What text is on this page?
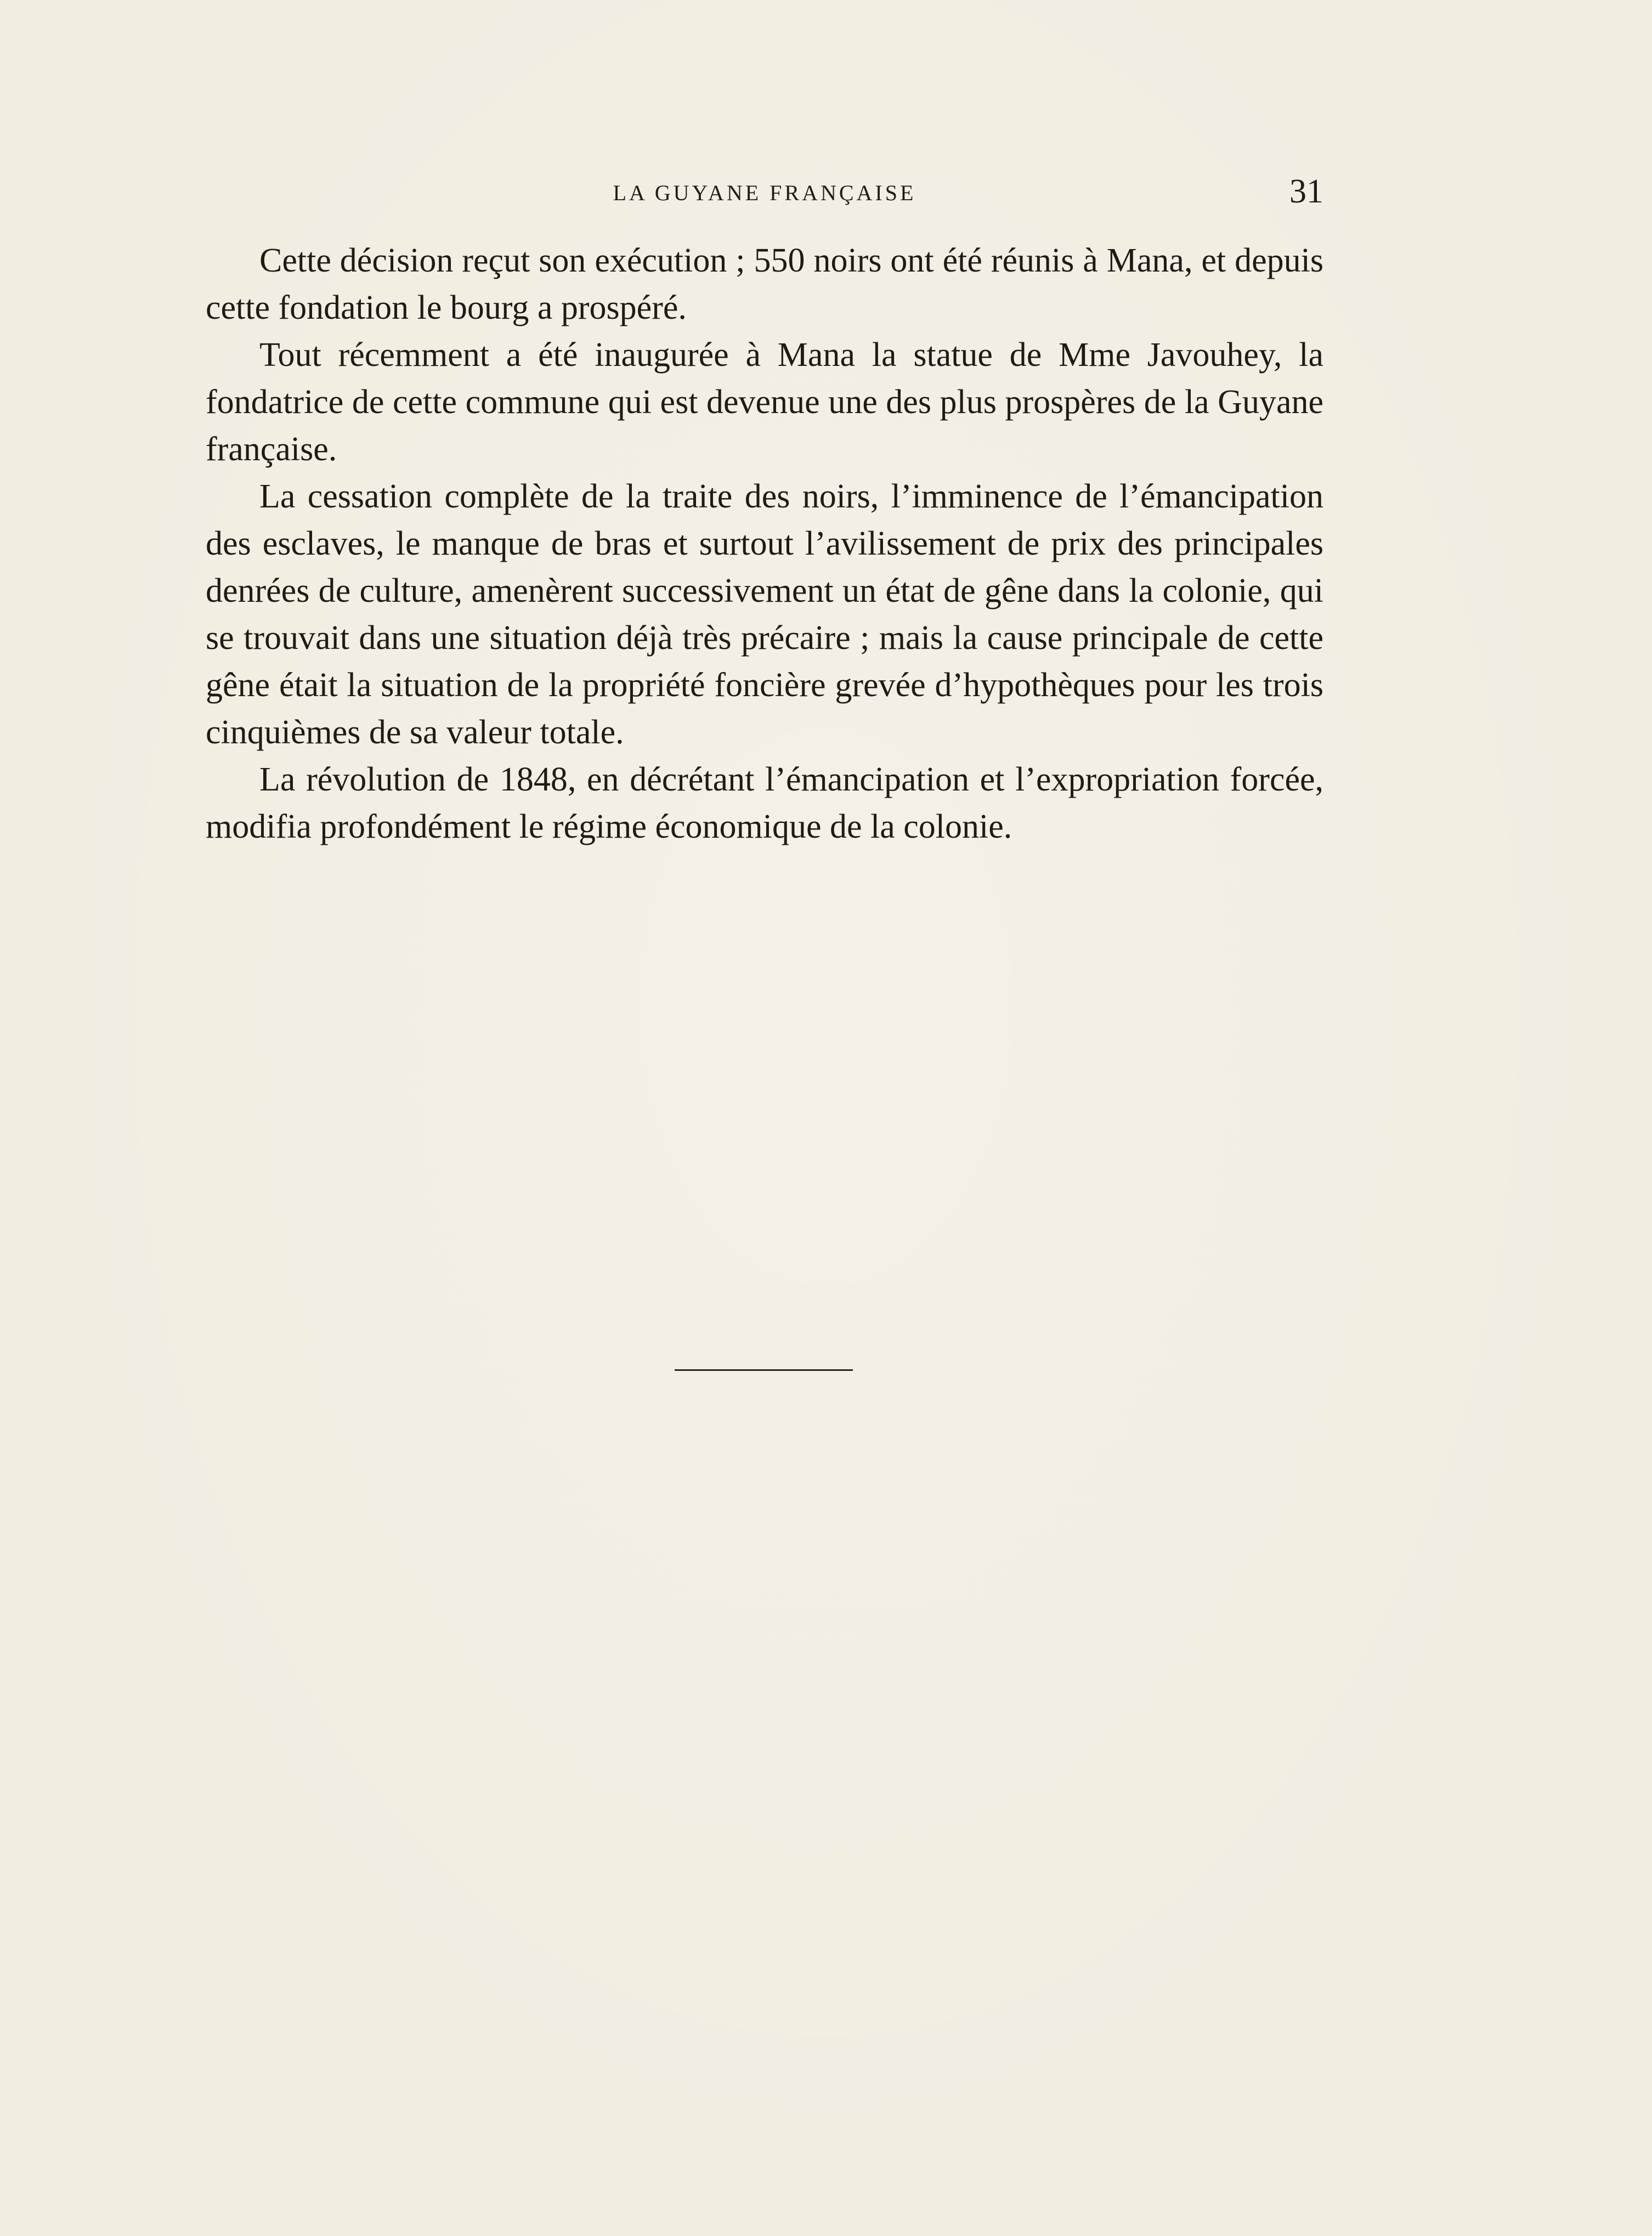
LA GUYANE FRANÇAISE	31

Cette décision reçut son exécution ; 550 noirs ont été réunis à Mana, et depuis cette fondation le bourg a prospéré.

Tout récemment a été inaugurée à Mana la statue de Mme Javouhey, la fondatrice de cette commune qui est devenue une des plus prospères de la Guyane française.

La cessation complète de la traite des noirs, l’imminence de l’émancipation des esclaves, le manque de bras et surtout l’avilissement de prix des principales denrées de culture, amenèrent successivement un état de gêne dans la colonie, qui se trouvait dans une situation déjà très précaire ; mais la cause principale de cette gêne était la situation de la propriété foncière grevée d’hypothèques pour les trois cinquièmes de sa valeur totale.

La révolution de 1848, en décrétant l’émancipation et l’expropriation forcée, modifia profondément le régime économique de la colonie.
